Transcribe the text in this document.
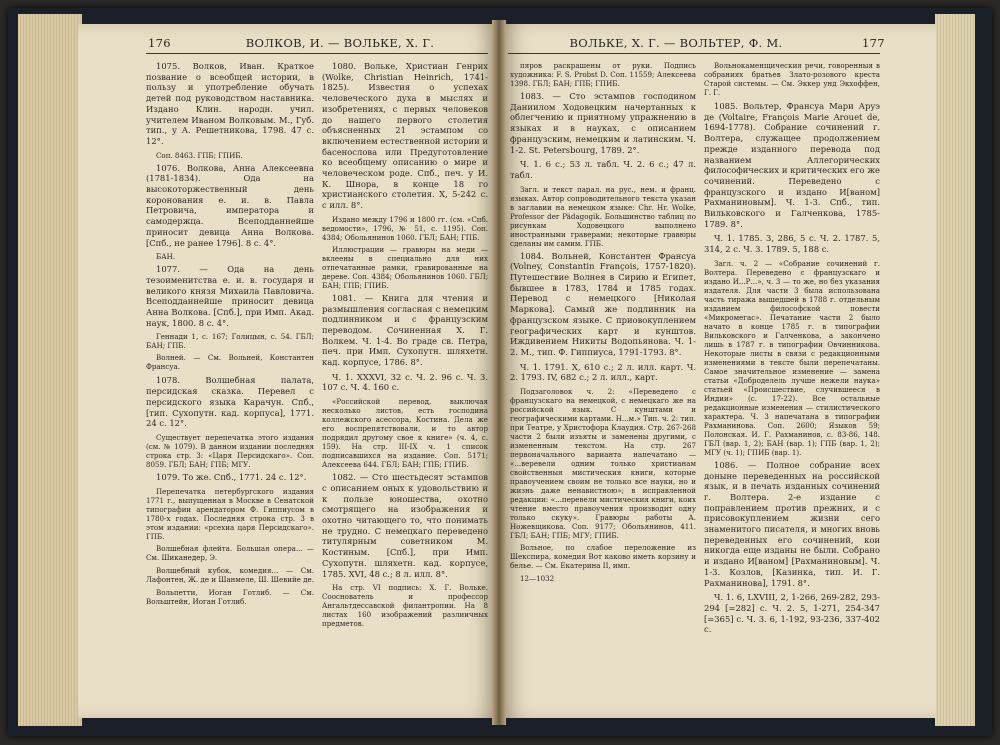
176	ВОЛКОВ, И. — ВОЛЬКЕ, Х. Г.	ВОЛЬКЕ, Х. Г. — ВОЛЬТЕР, Ф. М.	177

1075. Волков, Иван. Краткое позвание о всеобщей истории, в пользу и употребление обучать детей под руководством наставника. Издано Клин. народн. учил. учителем Иваном Волковым. М., Губ. тип., у А. Решетникова, 1798. 47 с. 12°.

Соп. 8463. ГПБ; ГПИБ.

1076. Волкова, Анна Алексеевна (1781-1834). Ода на высокоторжественный день коронования е. и. в. Павла Петровича, императора и самодержца. Всеподданнейше приносит девица Анна Волкова. [Спб., не ранее 1796]. 8 с. 4°.

БАН.

1077. — Ода на день тезоименитства е. и. в. государя и великого князя Михаила Павловича. Всеподданнейше приносит девица Анна Волкова. [Спб.], при Имп. Акад. наук, 1800. 8 с. 4°.

Геннади 1, с. 167; Голицын, с. 54. ГБЛ; БАН; ГПБ.

Волней. — См. Вольней, Константен Франсуа.

1078. Волшебная палата, персидская сказка. Перевел с персидского языка Карачун. Спб., [тип. Сухопутн. кад. корпуса], 1771. 24 с. 12°.

Существует перепечатка этого издания (см. № 1079). В данном издании последняя строка стр. 3: «Царя Персидскаго». Соп. 8059. ГБЛ; БАН; ГПБ; МГУ.

1079. То же. Спб., 1771. 24 с. 12°.

Перепечатка петербургского издания 1771 г., выпущенная в Москве в Сенатской типографии арендатором Ф. Гиппиусом в 1780-х годах. Последняя строка стр. 3 в этом издании: «рсехиа царя Персидскаго». ГПБ.

Волшебная флейта. Большая опера... — См. Шиканедер, Э.

Волшебный кубок, комедия... — См. Лафонтен, Ж. де и Шанмеле, Ш. Шевийе де.

Вольпетти, Иоган Готлиб. — См. Вольштейн, Иоган Готлиб.

1080. Вольке, Христиан Генрих (Wolke, Christian Heinrich, 1741-1825). Известия о успехах человеческого духа в мыслях и изобретениях, с первых человеков до нашего первого столетия объясненных 21 эстампом со включением естественной истории и басенослова или Предуготовление ко всеобщему описанию о мире и человеческом роде. Спб., печ. у И. К. Шнора, в конце 18 го христианского столетия. X, 5-242 с. с илл. 8°.

Издано между 1796 и 1800 гг. (см. «Спб. ведомости», 1796, № 51, с. 1195). Соп. 4384; Обольянинов 1060. ГБЛ; БАН; ГПБ.

Иллюстрации — гравюры на меди — вклеены в специально для них отпечатанные рамки, гравированные на дереве. Соп. 4384; Обольянинов 1060. ГБЛ; БАН; ГПБ; ГПИБ.

1081. — Книга для чтения и размышления согласная с немецким подлинником и с французским переводом. Сочиненная Х. Г. Волкем. Ч. 1-4. Во граде св. Петра, печ. при Имп. Сухопутн. шляхетн. кад. корпусе, 1786. 8°.

Ч. 1. XXXVI, 32 с. Ч. 2. 96 с. Ч. 3. 107 с. Ч. 4. 160 с.

«Российской перевод, выключая несколько листов, есть господина коллежского асессора, Костина. Дела же его воспрепятствовали, и то автор подрядил другому свое к книге» (ч. 4, с. 159). На стр. III-IX ч. 1 список подписавшихся на издание. Соп. 5171; Алексеева 644. ГБЛ; БАН; ГПБ; ГПИБ.

1082. — Сто шестьдесят эстампов с описанием оных к удовольствию и к пользе юношества, охотно смотрящего на изображения и охотно читающего то, что понимать не трудно. С немецкаго переведено титулярным советником М. Костиным. [Спб.], при Имп. Сухопутн. шляхетн. кад. корпусе, 1785. XVI, 48 с.; 8 л. илл. 8°.

На стр. VI подпись: Х. Г. Вольке. Сооснователь и профессор Ангальтдессавской филантропии. На 8 листах 160 изображений разлиичных предметов.

пяров раскрашены от руки. Подпись художника: F. S. Probst D. Соп. 11559; Алексеева 1398. ГБЛ; БАН; ГПБ; ГПИБ.

1083. — Сто эстампов господином Даниилом Ходовецким начертанных к облегчению и приятному упражнению в языках и в науках, с описанием французским, немецким и латинским. Ч. 1-2. St. Petersbourg, 1789. 2°.

Ч. 1. 6 с.; 53 л. табл. Ч. 2. 6 с.; 47 л. табл.

Загл. и текст парал. на рус., нем. и франц. языках. Автор сопроводительного текста указан в заглавии на немецком языке: Chr. Hr. Wolke, Professor der Pädagogik. Большинство таблиц по рисункам Ходовецкого выполнено иностранными граверами; некоторые гравюры сделаны им самим. ГПБ.

1084. Вольней, Константен Франсуа (Volney, Constantin François, 1757-1820). Путешествие Волнея в Сирию и Египет, бывшее в 1783, 1784 и 1785 годах. Перевод с немецкого [Николая Маркова]. Самый же подлинник на французском языке. С приовокуплением географических карт и кунштов. Иждивением Никиты Водопьянова. Ч. 1-2. М., тип. Ф. Гиппиуса, 1791-1793. 8°.

Ч. 1. 1791. X, 610 с.; 2 л. илл. карт. Ч. 2. 1793. IV, 682 с.; 2 л. илл., карт.

Подзаголовок ч. 2: «Переведено с французскаго на немецкой, с немецкаго же на российской язык. С кунштами и географическими картами. Н...м.» Тип. ч. 2: тип. при Театре, у Христофора Клаудия. Стр. 267-268 части 2 были изъяты и заменены другими, с измененным текстом. На стр. 267 первоначального варианта напечатано — «...веревели одним только христианам свойственныя мистическия книги, которые правоучением своим не только все науки, но и жизнь даже ненавистною»; в исправленной редакции: «...перевели мистическия книги, коих чтение вместо правоучения производит одну только скуку». Гравюры работы А. Ножевщикова. Соп. 9177; Обольянинов, 411. ГБЛ; БАН; ГПБ; МГУ; ГПИБ.

Вольное, по слабое переложение из Шекспира, комедия Вот каково иметь корзину и белье. — См. Екатерина II, имп.

12—1032

Вольнокаменщическия речи, говоренныя в собраниях братьев Злато-розового креста Старой системы. — См. Эккер унд Экхоффен, Г. Г.

1085. Вольтер, Франсуа Мари Аруэ де (Voltaire, François Marie Arouet de, 1694-1778). Собрание сочинений г. Волтера, служащее продолжением прежде изданного перевода под названием Аллегорических философических и критических его же сочинений. Переведено с французского и издано И[ваном] Рахманиновым]. Ч. 1-3. Спб., тип. Вильковского и Галченкова, 1785-1789. 8°.

Ч. 1. 1785. 3, 286, 5 с. Ч. 2. 1787. 5, 314, 2 с. Ч. 3. 1789. 5, 188 с.

Загл. ч. 2 — «Собрание сочинений г. Волтера. Переведено с французскаго и издано И...Р...», ч. 3 — то же, но без указания издателя. Для части 3 была использована часть тиража вышедшей в 1788 г. отдельным изданием философской повести «Микромегас». Печатание части 2 было начато в конце 1785 г. в типографии Вильковского и Галченкова, а закончено лишь в 1787 г. в типографии Овчинникова. Некоторые листы в связи с редакционными изменениями в тексте были перепечатаны. Самое значительное изменение — замена статьи «Доброделель лучше нежели наука» статьей «Происшествие, случившееся в Индии» (с. 17-22). Все остальные редакционные изменения — стилистического характера. Ч. 3 напечатана в типографии Рахманинова. Соп. 2600; Языков 59; Полонская. И. Г. Рахманинов, с. 83-86, 148. ГБЛ (вар. 1, 2); БАН (вар. 1); ГПБ (вар. 1, 2); МГУ (ч. 1); ГПИБ (вар. 1).

1086. — Полное собрание всех доныне переведенных на российской язык, и в печать изданных сочинений г. Волтера. 2-е издание с поправлением против прежних, и с присовокуплением жизни сего знаменитого писателя, и многих вновь переведенных его сочинений, кои никогда еще изданы не были. Собрано и издано И[ваном] [Рахманиновым]. Ч. 1-3. Козлов, [Казинка, тип. И. Г. Рахманинова], 1791. 8°.

Ч. 1. 6, LXVIII, 2, 1-266, 269-282, 293-294 [=282] с. Ч. 2. 5, 1-271, 254-347 [=365] с. Ч. 3. 6, 1-192, 93-236, 337-402 с.
